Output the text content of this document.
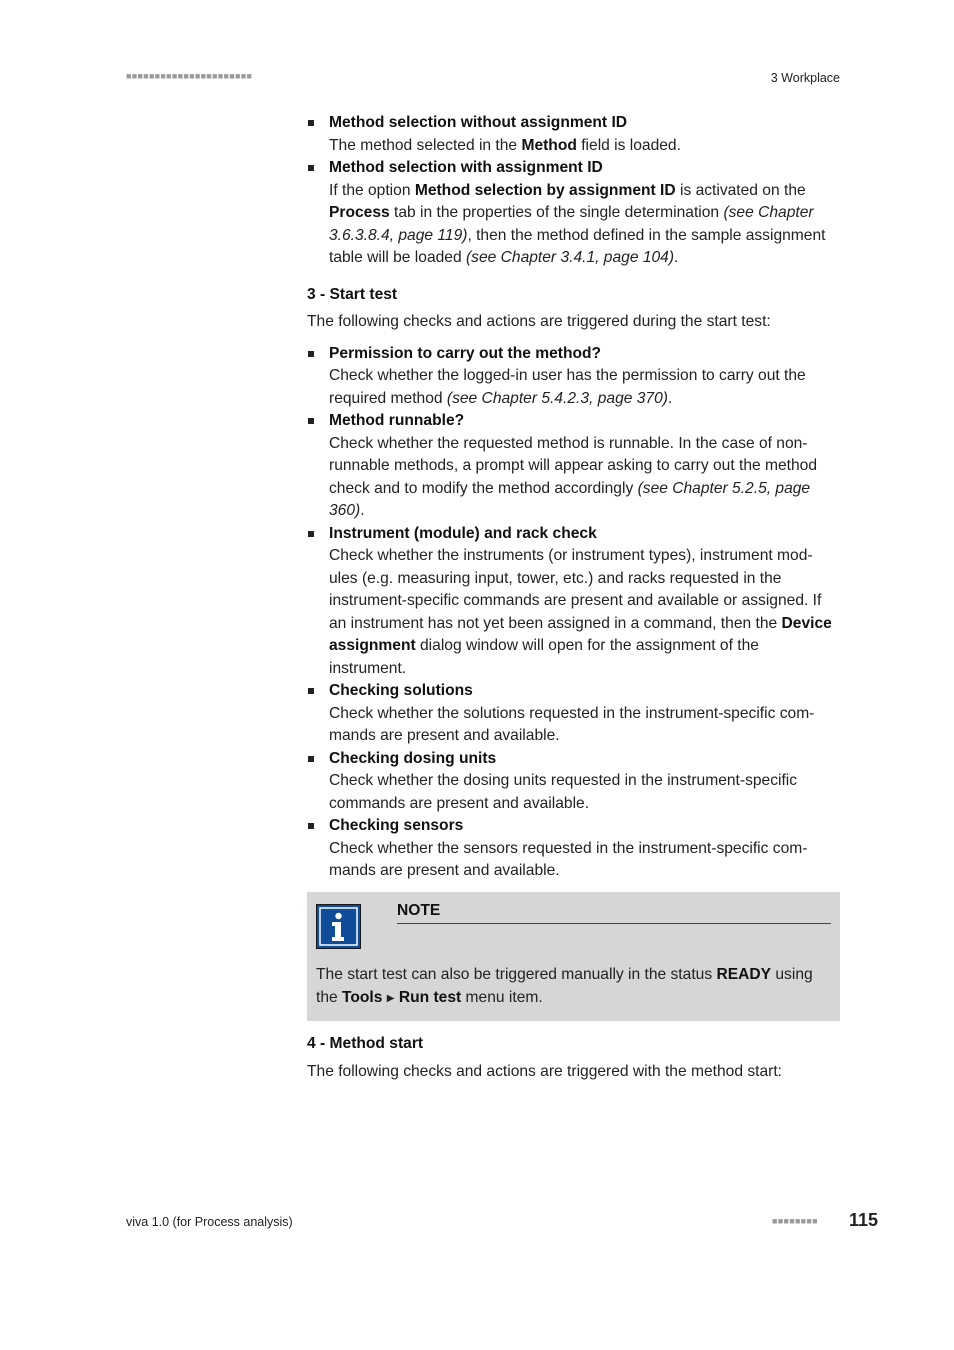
■■■■■■■■■■■■■■■■■■■■■■	3 Workplace
Method selection without assignment ID
The method selected in the Method field is loaded.
Method selection with assignment ID
If the option Method selection by assignment ID is activated on the Process tab in the properties of the single determination (see Chapter 3.6.3.8.4, page 119), then the method defined in the sample assignment table will be loaded (see Chapter 3.4.1, page 104).
3 - Start test

The following checks and actions are triggered during the start test:

Permission to carry out the method?
Check whether the logged-in user has the permission to carry out the required method (see Chapter 5.4.2.3, page 370).
Method runnable?
Check whether the requested method is runnable. In the case of non-runnable methods, a prompt will appear asking to carry out the method check and to modify the method accordingly (see Chapter 5.2.5, page 360).
Instrument (module) and rack check
Check whether the instruments (or instrument types), instrument mod-ules (e.g. measuring input, tower, etc.) and racks requested in the instrument-specific commands are present and available or assigned. If an instrument has not yet been assigned in a command, then the Device assignment dialog window will open for the assignment of the instrument.
Checking solutions
Check whether the solutions requested in the instrument-specific com-mands are present and available.
Checking dosing units
Check whether the dosing units requested in the instrument-specific commands are present and available.
Checking sensors
Check whether the sensors requested in the instrument-specific com-mands are present and available.
NOTE
The start test can also be triggered manually in the status READY using the Tools ▶ Run test menu item.
4 - Method start

The following checks and actions are triggered with the method start:

viva 1.0 (for Process analysis)	■■■■■■■■ 115
